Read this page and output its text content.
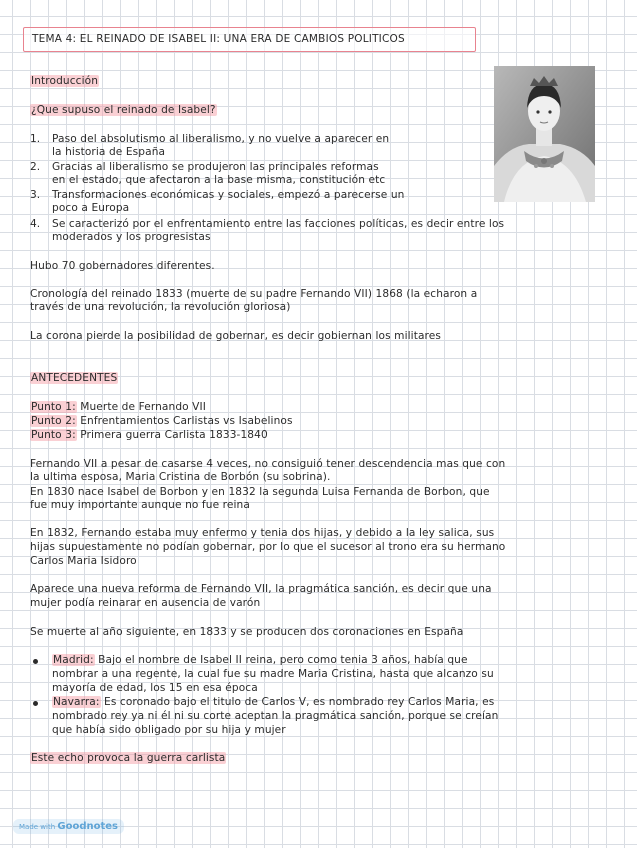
TEMA 4: EL REINADO DE ISABEL II: UNA ERA DE CAMBIOS POLITICOS
Introducción
¿Que supuso el reinado de Isabel?
1. Paso del absolutismo al liberalismo, y no vuelve a aparecer en
la historia de España
2. Gracias al liberalismo se produjeron las principales reformas
en el estado, que afectaron a la base misma, constitución etc
3. Transformaciones económicas y sociales, empezó a parecerse un
poco a Europa
4. Se caracterizó por el enfrentamiento entre las facciones políticas, es decir entre los
moderados y los progresistas
Hubo 70 gobernadores diferentes.
Cronología del reinado 1833 (muerte de su padre Fernando VII) 1868 (la echaron a
través de una revolución, la revolución gloriosa)
La corona pierde la posibilidad de gobernar, es decir gobiernan los militares
ANTECEDENTES
Punto 1: Muerte de Fernando VII
Punto 2: Enfrentamientos Carlistas vs Isabelinos
Punto 3: Primera guerra Carlista 1833-1840
Fernando VII a pesar de casarse 4 veces, no consiguió tener descendencia mas que con
la ultima esposa, Maria Cristina de Borbón (su sobrina).
En 1830 nace Isabel de Borbon y en 1832 la segunda Luisa Fernanda de Borbon, que
fue muy importante aunque no fue reina
En 1832, Fernando estaba muy enfermo y tenia dos hijas, y debido a la ley salica, sus
hijas supuestamente no podían gobernar, por lo que el sucesor al trono era su hermano
Carlos Maria Isidoro
Aparece una nueva reforma de Fernando VII, la pragmática sanción, es decir que una
mujer podía reinarar en ausencia de varón
Se muerte al año siguiente, en 1833 y se producen dos coronaciones en España
Madrid: Bajo el nombre de Isabel II reina, pero como tenia 3 años, había que
nombrar a una regente, la cual fue su madre Maria Cristina, hasta que alcanzo su
mayoría de edad, los 15 en esa época
Navarra: Es coronado bajo el titulo de Carlos V, es nombrado rey Carlos Maria, es
nombrado rey ya ni él ni su corte aceptan la pragmática sanción, porque se creían
que había sido obligado por su hija y mujer
Este echo provoca la guerra carlista
Made with Goodnotes
